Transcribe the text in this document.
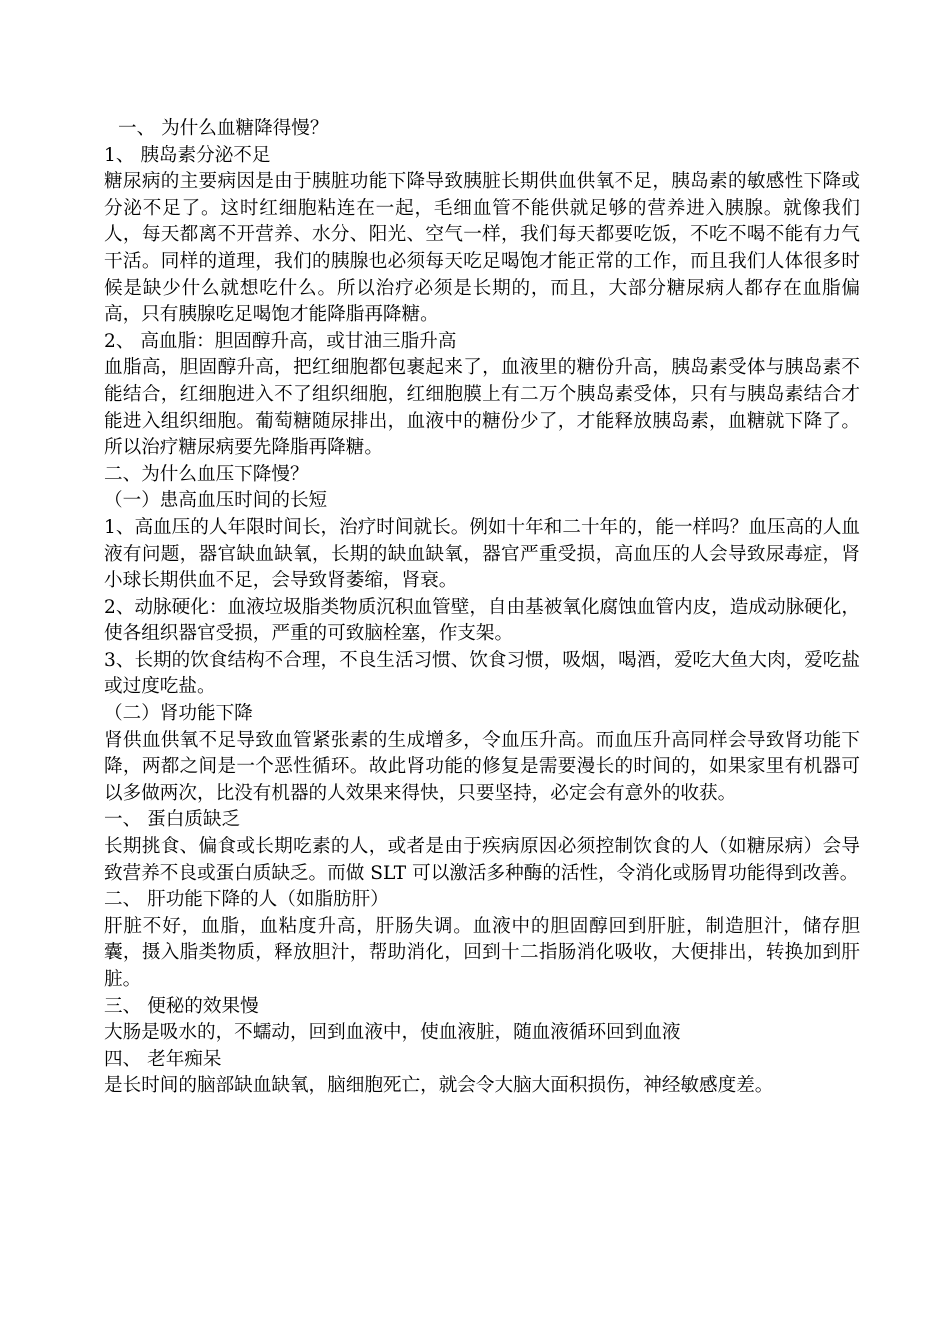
一、 为什么血糖降得慢？

1、 胰岛素分泌不足

糖尿病的主要病因是由于胰脏功能下降导致胰脏长期供血供氧不足，胰岛素的敏感性下降或分泌不足了。这时红细胞粘连在一起，毛细血管不能供就足够的营养进入胰腺。就像我们人，每天都离不开营养、水分、阳光、空气一样，我们每天都要吃饭，不吃不喝不能有力气干活。同样的道理，我们的胰腺也必须每天吃足喝饱才能正常的工作，而且我们人体很多时候是缺少什么就想吃什么。所以治疗必须是长期的，而且，大部分糖尿病人都存在血脂偏高，只有胰腺吃足喝饱才能降脂再降糖。

2、 高血脂：胆固醇升高，或甘油三脂升高

血脂高，胆固醇升高，把红细胞都包裹起来了，血液里的糖份升高，胰岛素受体与胰岛素不能结合，红细胞进入不了组织细胞，红细胞膜上有二万个胰岛素受体，只有与胰岛素结合才能进入组织细胞。葡萄糖随尿排出，血液中的糖份少了，才能释放胰岛素，血糖就下降了。所以治疗糖尿病要先降脂再降糖。

二、为什么血压下降慢？

（一）患高血压时间的长短

1、高血压的人年限时间长，治疗时间就长。例如十年和二十年的，能一样吗？血压高的人血液有问题，器官缺血缺氧，长期的缺血缺氧，器官严重受损，高血压的人会导致尿毒症，肾小球长期供血不足，会导致肾萎缩，肾衰。

2、动脉硬化：血液垃圾脂类物质沉积血管壁，自由基被氧化腐蚀血管内皮，造成动脉硬化，使各组织器官受损，严重的可致脑栓塞，作支架。

3、长期的饮食结构不合理，不良生活习惯、饮食习惯，吸烟，喝酒，爱吃大鱼大肉，爱吃盐或过度吃盐。

（二）肾功能下降

肾供血供氧不足导致血管紧张素的生成增多，令血压升高。而血压升高同样会导致肾功能下降，两都之间是一个恶性循环。故此肾功能的修复是需要漫长的时间的，如果家里有机器可以多做两次，比没有机器的人效果来得快，只要坚持，必定会有意外的收获。

一、 蛋白质缺乏

长期挑食、偏食或长期吃素的人，或者是由于疾病原因必须控制饮食的人（如糖尿病）会导致营养不良或蛋白质缺乏。而做 SLT 可以激活多种酶的活性，令消化或肠胃功能得到改善。

二、 肝功能下降的人（如脂肪肝）

肝脏不好，血脂，血粘度升高，肝肠失调。血液中的胆固醇回到肝脏，制造胆汁，储存胆囊，摄入脂类物质，释放胆汁，帮助消化，回到十二指肠消化吸收，大便排出，转换加到肝脏。

三、 便秘的效果慢

大肠是吸水的，不蠕动，回到血液中，使血液脏，随血液循环回到血液

四、 老年痴呆

是长时间的脑部缺血缺氧，脑细胞死亡，就会令大脑大面积损伤，神经敏感度差。
